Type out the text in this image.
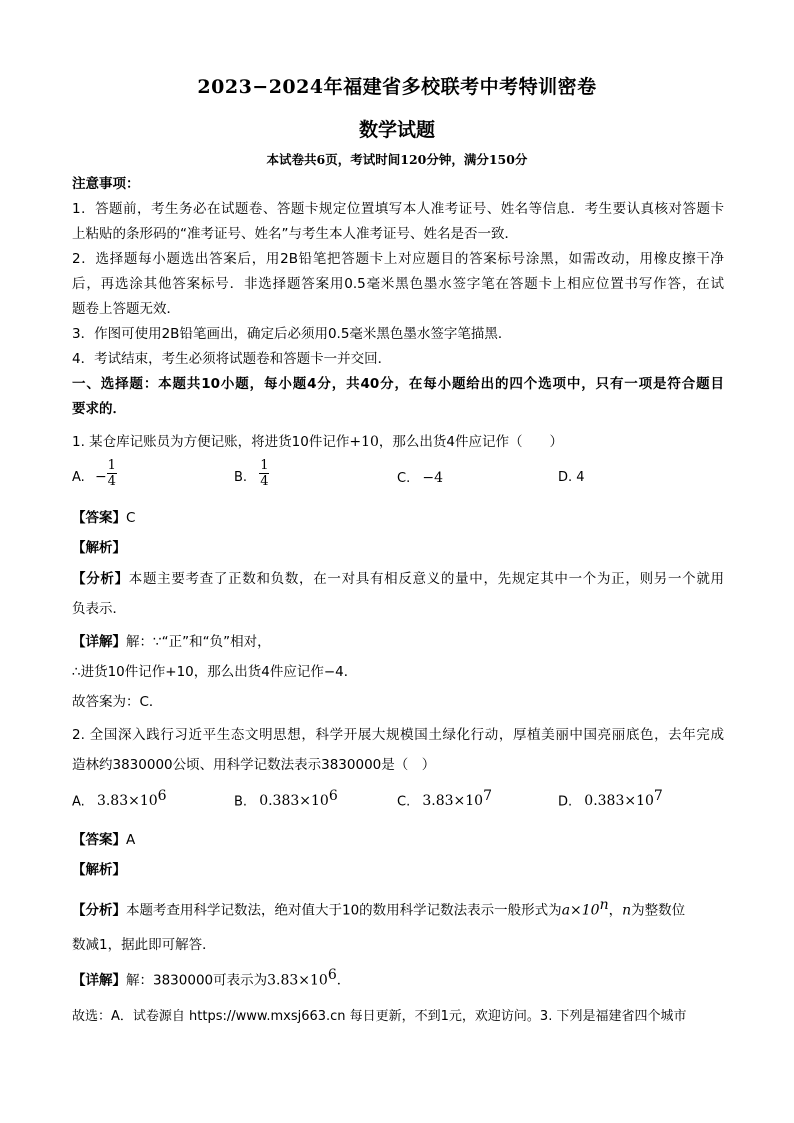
2023−2024年福建省多校联考中考特训密卷
数学试题
本试卷共6页，考试时间120分钟，满分150分
注意事项：
1．答题前，考生务必在试题卷、答题卡规定位置填写本人准考证号、姓名等信息．考生要认真核对答题卡
上粘贴的条形码的“准考证号、姓名”与考生本人准考证号、姓名是否一致．
2．选择题每小题选出答案后，用2B铅笔把答题卡上对应题目的答案标号涂黑，如需改动，用橡皮擦干净
后，再选涂其他答案标号．非选择题答案用0.5毫米黑色墨水签字笔在答题卡上相应位置书写作答，在试
题卷上答题无效．
3．作图可使用2B铅笔画出，确定后必须用0.5毫米黑色墨水签字笔描黑．
4．考试结束，考生必须将试题卷和答题卡一并交回．
一、选择题：本题共10小题，每小题4分，共40分，在每小题给出的四个选项中，只有一项是符合题目
要求的．
1. 某仓库记账员为方便记账，将进货10件记作+10，那么出货4件应记作（　　）
A. − $\frac{1}{4}$	B. $\frac{1}{4}$	C. −4	D. 4
【答案】C
【解析】
【分析】本题主要考查了正数和负数，在一对具有相反意义的量中，先规定其中一个为正，则另一个就用
负表示．
【详解】解：∵“正”和“负”相对，
∴进货10件记作+10，那么出货4件应记作−4．
故答案为：C．
2. 全国深入践行习近平生态文明思想，科学开展大规模国土绿化行动，厚植美丽中国亮丽底色，去年完成
造林约3830000公顷、用科学记数法表示3830000是（　）
A. $3.83\times 10^6$	B. $0.383\times 10^6$	C. $3.83\times 10^7$	D. $0.383\times 10^7$
【答案】A
【解析】
【分析】本题考查用科学记数法，绝对值大于10的数用科学记数法表示一般形式为$a\times 10^n$，n为整数位
数减1，据此即可解答．
【详解】解：3830000可表示为$3.83\times 10^6$．
故选：A．试卷源自 https://www.mxsj663.cn 每日更新，不到1元，欢迎访问。3. 下列是福建省四个城市
